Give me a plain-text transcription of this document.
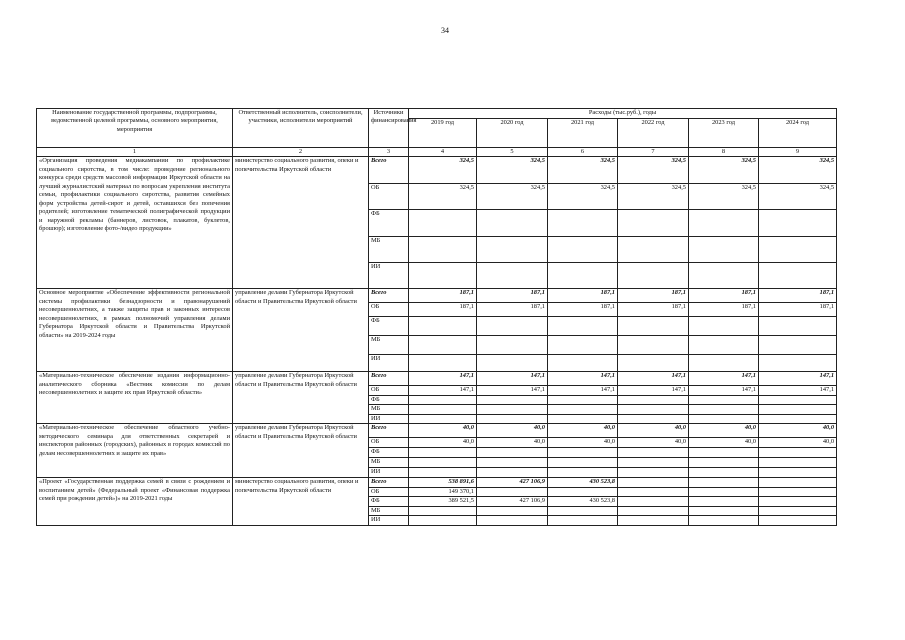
34
Наименование государственной программы, подпрограммы, ведомственной целевой программы, основного мероприятия, мероприятия	Ответственный исполнитель, соисполнители, участники, исполнители мероприятий	Источники финансирования	Расходы (тыс.руб.), годы					
			2019 год	2020 год	2021 год	2022 год	2023 год	2024 год
1	2	3	4	5	6	7	8	9
«Организация проведения медиакампании по профилактике социального сиротства, в том числе: проведение регионального конкурса среди средств массовой информации Иркутской области на лучший журналистский материал по вопросам укрепления института семьи, профилактики социального сиротства, развития семейных форм устройства детей-сирот и детей, оставшихся без попечения родителей; изготовление тематической полиграфической продукции и наружной рекламы (баннеров, листовок, плакатов, буклетов, брошюр); изготовление фото-/видео продукции»	министерство социального развития, опеки и попечительства Иркутской области	Всего	324,5	324,5	324,5	324,5	324,5	324,5
		ОБ	324,5	324,5	324,5	324,5	324,5	324,5
		ФБ						
		МБ						
		ИИ						
Основное мероприятие «Обеспечение эффективности региональной системы профилактики безнадзорности и правонарушений несовершеннолетних, а также защиты прав и законных интересов несовершеннолетних, в рамках полномочий управления делами Губернатора Иркутской области и Правительства Иркутской области» на 2019-2024 годы	управление делами Губернатора Иркутской области и Правительства Иркутской области	Всего	187,1	187,1	187,1	187,1	187,1	187,1
		ОБ	187,1	187,1	187,1	187,1	187,1	187,1
		ФБ						
		МБ						
		ИИ						
«Материально-техническое обеспечение издания информационно-аналитического сборника «Вестник комиссии по делам несовершеннолетних и защите их прав Иркутской области»	управление делами Губернатора Иркутской области и Правительства Иркутской области	Всего	147,1	147,1	147,1	147,1	147,1	147,1
		ОБ	147,1	147,1	147,1	147,1	147,1	147,1
		ФБ						
		МБ						
		ИИ						
«Материально-техническое обеспечение областного учебно-методического семинара для ответственных секретарей и инспекторов районных (городских), районных в городах комиссий по делам несовершеннолетних и защите их прав»	управление делами Губернатора Иркутской области и Правительства Иркутской области	Всего	40,0	40,0	40,0	40,0	40,0	40,0
		ОБ	40,0	40,0	40,0	40,0	40,0	40,0
		ФБ						
		МБ						
		ИИ						
«Проект «Государственная поддержка семей в связи с рождением и воспитанием детей» (Федеральный проект «Финансовая поддержка семей при рождении детей»)» на 2019-2021 годы	министерство социального развития, опеки и попечительства Иркутской области	Всего	538 891,6	427 106,9	430 523,8			
		ОБ	149 370,1					
		ФБ	389 521,5	427 106,9	430 523,8			
		МБ						
		ИИ						
